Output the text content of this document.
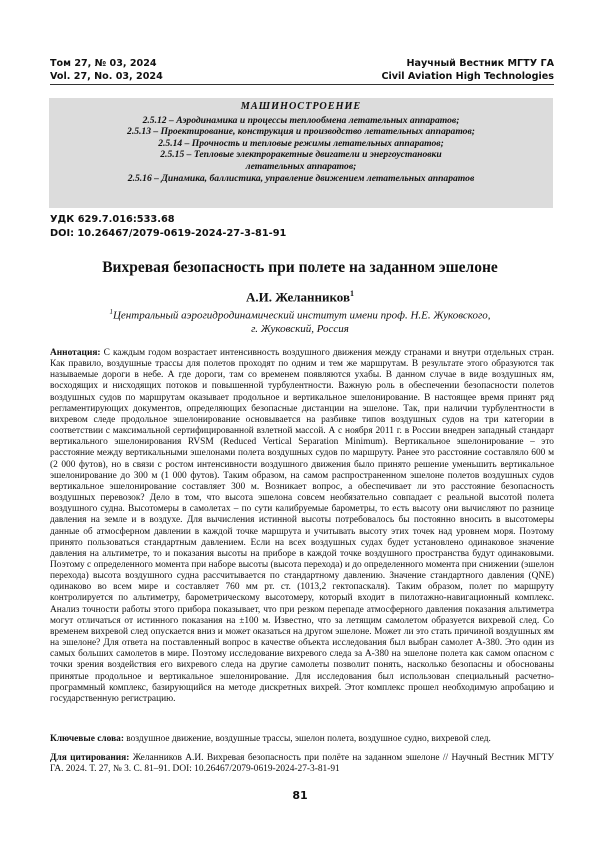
Том 27, № 03, 2024	Научный Вестник МГТУ ГА
Vol. 27, No. 03, 2024	Civil Aviation High Technologies
МАШИНОСТРОЕНИЕ
2.5.12 – Аэродинамика и процессы теплообмена летательных аппаратов;
2.5.13 – Проектирование, конструкция и производство летательных аппаратов;
2.5.14 – Прочность и тепловые режимы летательных аппаратов;
2.5.15 – Тепловые электроракетные двигатели и энергоустановки
летательных аппаратов;
2.5.16 – Динамика, баллистика, управление движением летательных аппаратов
УДК 629.7.016:533.68
DOI: 10.26467/2079-0619-2024-27-3-81-91
Вихревая безопасность при полете на заданном эшелоне
А.И. Желанников$^1$
$^1$Центральный аэрогидродинамический институт имени проф. Н.Е. Жуковского,
г. Жуковский, Россия
Аннотация: С каждым годом возрастает интенсивность воздушного движения между странами и внутри отдельных стран. Как правило, воздушные трассы для полетов проходят по одним и тем же маршрутам. В результате этого образуются так называемые дороги в небе. А где дороги, там со временем появляются ухабы. В данном случае в виде воздушных ям, восходящих и нисходящих потоков и повышенной турбулентности. Важную роль в обеспечении безопасности полетов воздушных судов по маршрутам оказывает продольное и вертикальное эшелонирование. В настоящее время принят ряд регламентирующих документов, определяющих безопасные дистанции на эшелоне. Так, при наличии турбулентности в вихревом следе продольное эшелонирование основывается на разбивке типов воздушных судов на три категории в соответствии с максимальной сертифицированной взлетной массой. А с ноября 2011 г. в России внедрен западный стандарт вертикального эшелонирования RVSM (Reduced Vertical Separation Minimum). Вертикальное эшелонирование – это расстояние между вертикальными эшелонами полета воздушных судов по маршруту. Ранее это расстояние составляло 600 м (2 000 футов), но в связи с ростом интенсивности воздушного движения было принято решение уменьшить вертикальное эшелонирование до 300 м (1 000 футов). Таким образом, на самом распространенном эшелоне полетов воздушных судов вертикальное эшелонирование составляет 300 м. Возникает вопрос, а обеспечивает ли это расстояние безопасность воздушных перевозок? Дело в том, что высота эшелона совсем необязательно совпадает с реальной высотой полета воздушного судна. Высотомеры в самолетах – по сути калибруемые барометры, то есть высоту они вычисляют по разнице давления на земле и в воздухе. Для вычисления истинной высоты потребовалось бы постоянно вносить в высотомеры данные об атмосферном давлении в каждой точке маршрута и учитывать высоту этих точек над уровнем моря. Поэтому принято пользоваться стандартным давлением. Если на всех воздушных судах будет установлено одинаковое значение давления на альтиметре, то и показания высоты на приборе в каждой точке воздушного пространства будут одинаковыми. Поэтому с определенного момента при наборе высоты (высота перехода) и до определенного момента при снижении (эшелон перехода) высота воздушного судна рассчитывается по стандартному давлению. Значение стандартного давления (QNE) одинаково во всем мире и составляет 760 мм рт. ст. (1013,2 гектопаскаля). Таким образом, полет по маршруту контролируется по альтиметру, барометрическому высотомеру, который входит в пилотажно-навигационный комплекс. Анализ точности работы этого прибора показывает, что при резком перепаде атмосферного давления показания альтиметра могут отличаться от истинного показания на ±100 м. Известно, что за летящим самолетом образуется вихревой след. Со временем вихревой след опускается вниз и может оказаться на другом эшелоне. Может ли это стать причиной воздушных ям на эшелоне? Для ответа на поставленный вопрос в качестве объекта исследования был выбран самолет А-380. Это один из самых больших самолетов в мире. Поэтому исследование вихревого следа за А-380 на эшелоне полета как самом опасном с точки зрения воздействия его вихревого следа на другие самолеты позволит понять, насколько безопасны и обоснованы принятые продольное и вертикальное эшелонирование. Для исследования был использован специальный расчетно-программный комплекс, базирующийся на методе дискретных вихрей. Этот комплекс прошел необходимую апробацию и государственную регистрацию.
Ключевые слова: воздушное движение, воздушные трассы, эшелон полета, воздушное судно, вихревой след.
Для цитирования: Желанников А.И. Вихревая безопасность при полёте на заданном эшелоне // Научный Вестник МГТУ ГА. 2024. Т. 27, № 3. С. 81–91. DOI: 10.26467/2079-0619-2024-27-3-81-91
81
